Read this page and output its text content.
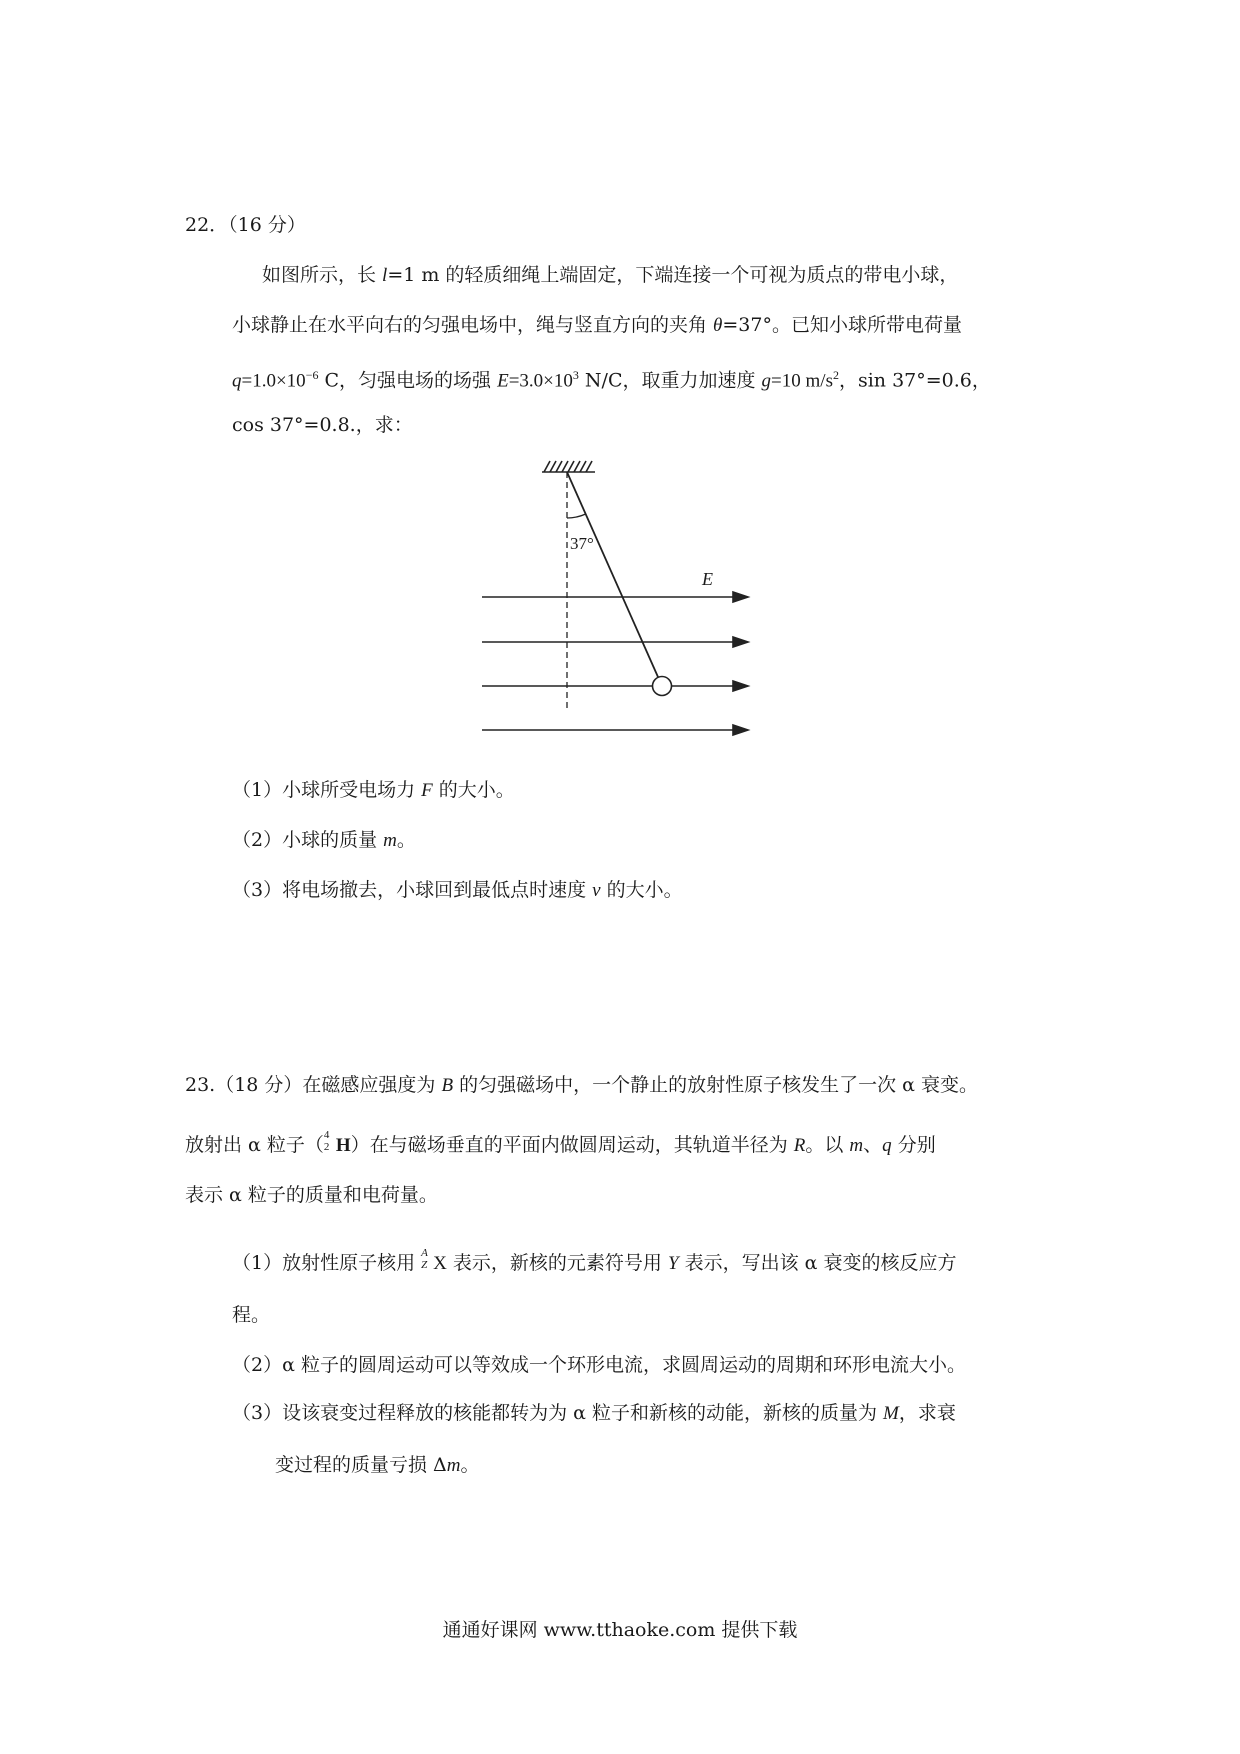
22．（16 分）
如图所示，长 l=1 m 的轻质细绳上端固定，下端连接一个可视为质点的带电小球，
小球静止在水平向右的匀强电场中，绳与竖直方向的夹角 θ=37°。已知小球所带电荷量
$q=1.0\times 10^{-6}$ C，匀强电场的场强 $E=3.0\times 10^3$ N/C，取重力加速度 g=10 $m/s^2$，sin 37°=0.6，
cos 37°=0.8.，求：
37°
E
（1）小球所受电场力 F 的大小。
（2）小球的质量 m。
（3）将电场撤去，小球回到最低点时速度 v 的大小。
23.（18 分）在磁感应强度为 B 的匀强磁场中，一个静止的放射性原子核发生了一次 α 衰变。
放射出 α 粒子（ 4
2 H）在与磁场垂直的平面内做圆周运动，其轨道半径为 R。以 m、q 分别
表示 α 粒子的质量和电荷量。
（1）放射性原子核用 A
Z X 表示，新核的元素符号用 Y 表示，写出该 α 衰变的核反应方
程。
（2）α 粒子的圆周运动可以等效成一个环形电流，求圆周运动的周期和环形电流大小。
（3）设该衰变过程释放的核能都转为为 α 粒子和新核的动能，新核的质量为 M，求衰
变过程的质量亏损 Δm。
通通好课网 www.tthaoke.com 提供下载
